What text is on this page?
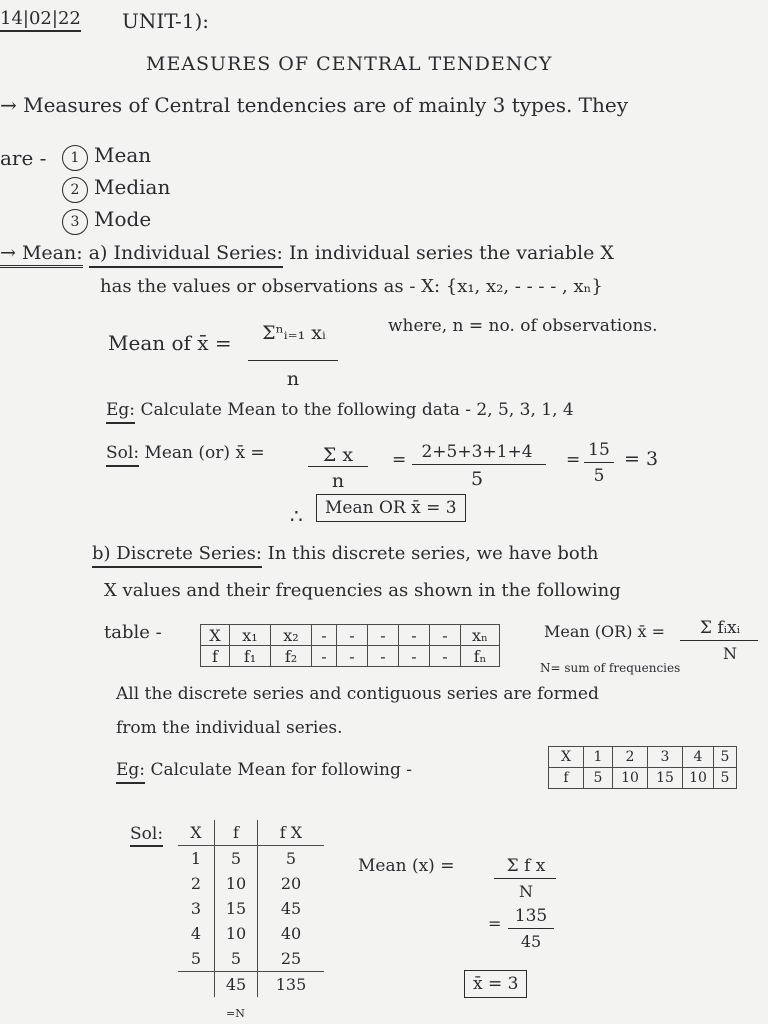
14|02|22 UNIT-1):
MEASURES OF CENTRAL TENDENCY
→ Measures of Central tendencies are of mainly 3 types. They
are -	1 Mean
2 Median
3 Mode
→ Mean: a) Individual Series: In individual series the variable X
has the values or observations as - X: {x₁, x₂, - - - - , xₙ}
Mean of x̄ =	Σⁿᵢ₌₁ xᵢ
n
where, n = no. of observations.
Eg: Calculate Mean to the following data - 2, 5, 3, 1, 4
Sol: Mean (or) x̄ =	Σ x
n
= 2+5+3+1+4
5
= 15
5
= 3
∴	Mean OR x̄ = 3
b) Discrete Series: In this discrete series, we have both
X values and their frequencies as shown in the following
table -	X	x₁	x₂	-	-	-	-	-	xₙ
f	f₁	f₂	-	-	-	-	-	fₙ
Mean (OR) x̄ =	Σ fᵢxᵢ
N
N= sum of frequencies
All the discrete series and contiguous series are formed
from the individual series.
Eg: Calculate Mean for following -
X	1	2	3	4	5
f	5	10	15	10	5
Sol: X	f	f X
1	5	5
2	10	20
3	15	45
4	10	40
5	5	25
	45	135
=N
Mean (x) =	Σ f x
N
= 135
45
x̄ = 3
